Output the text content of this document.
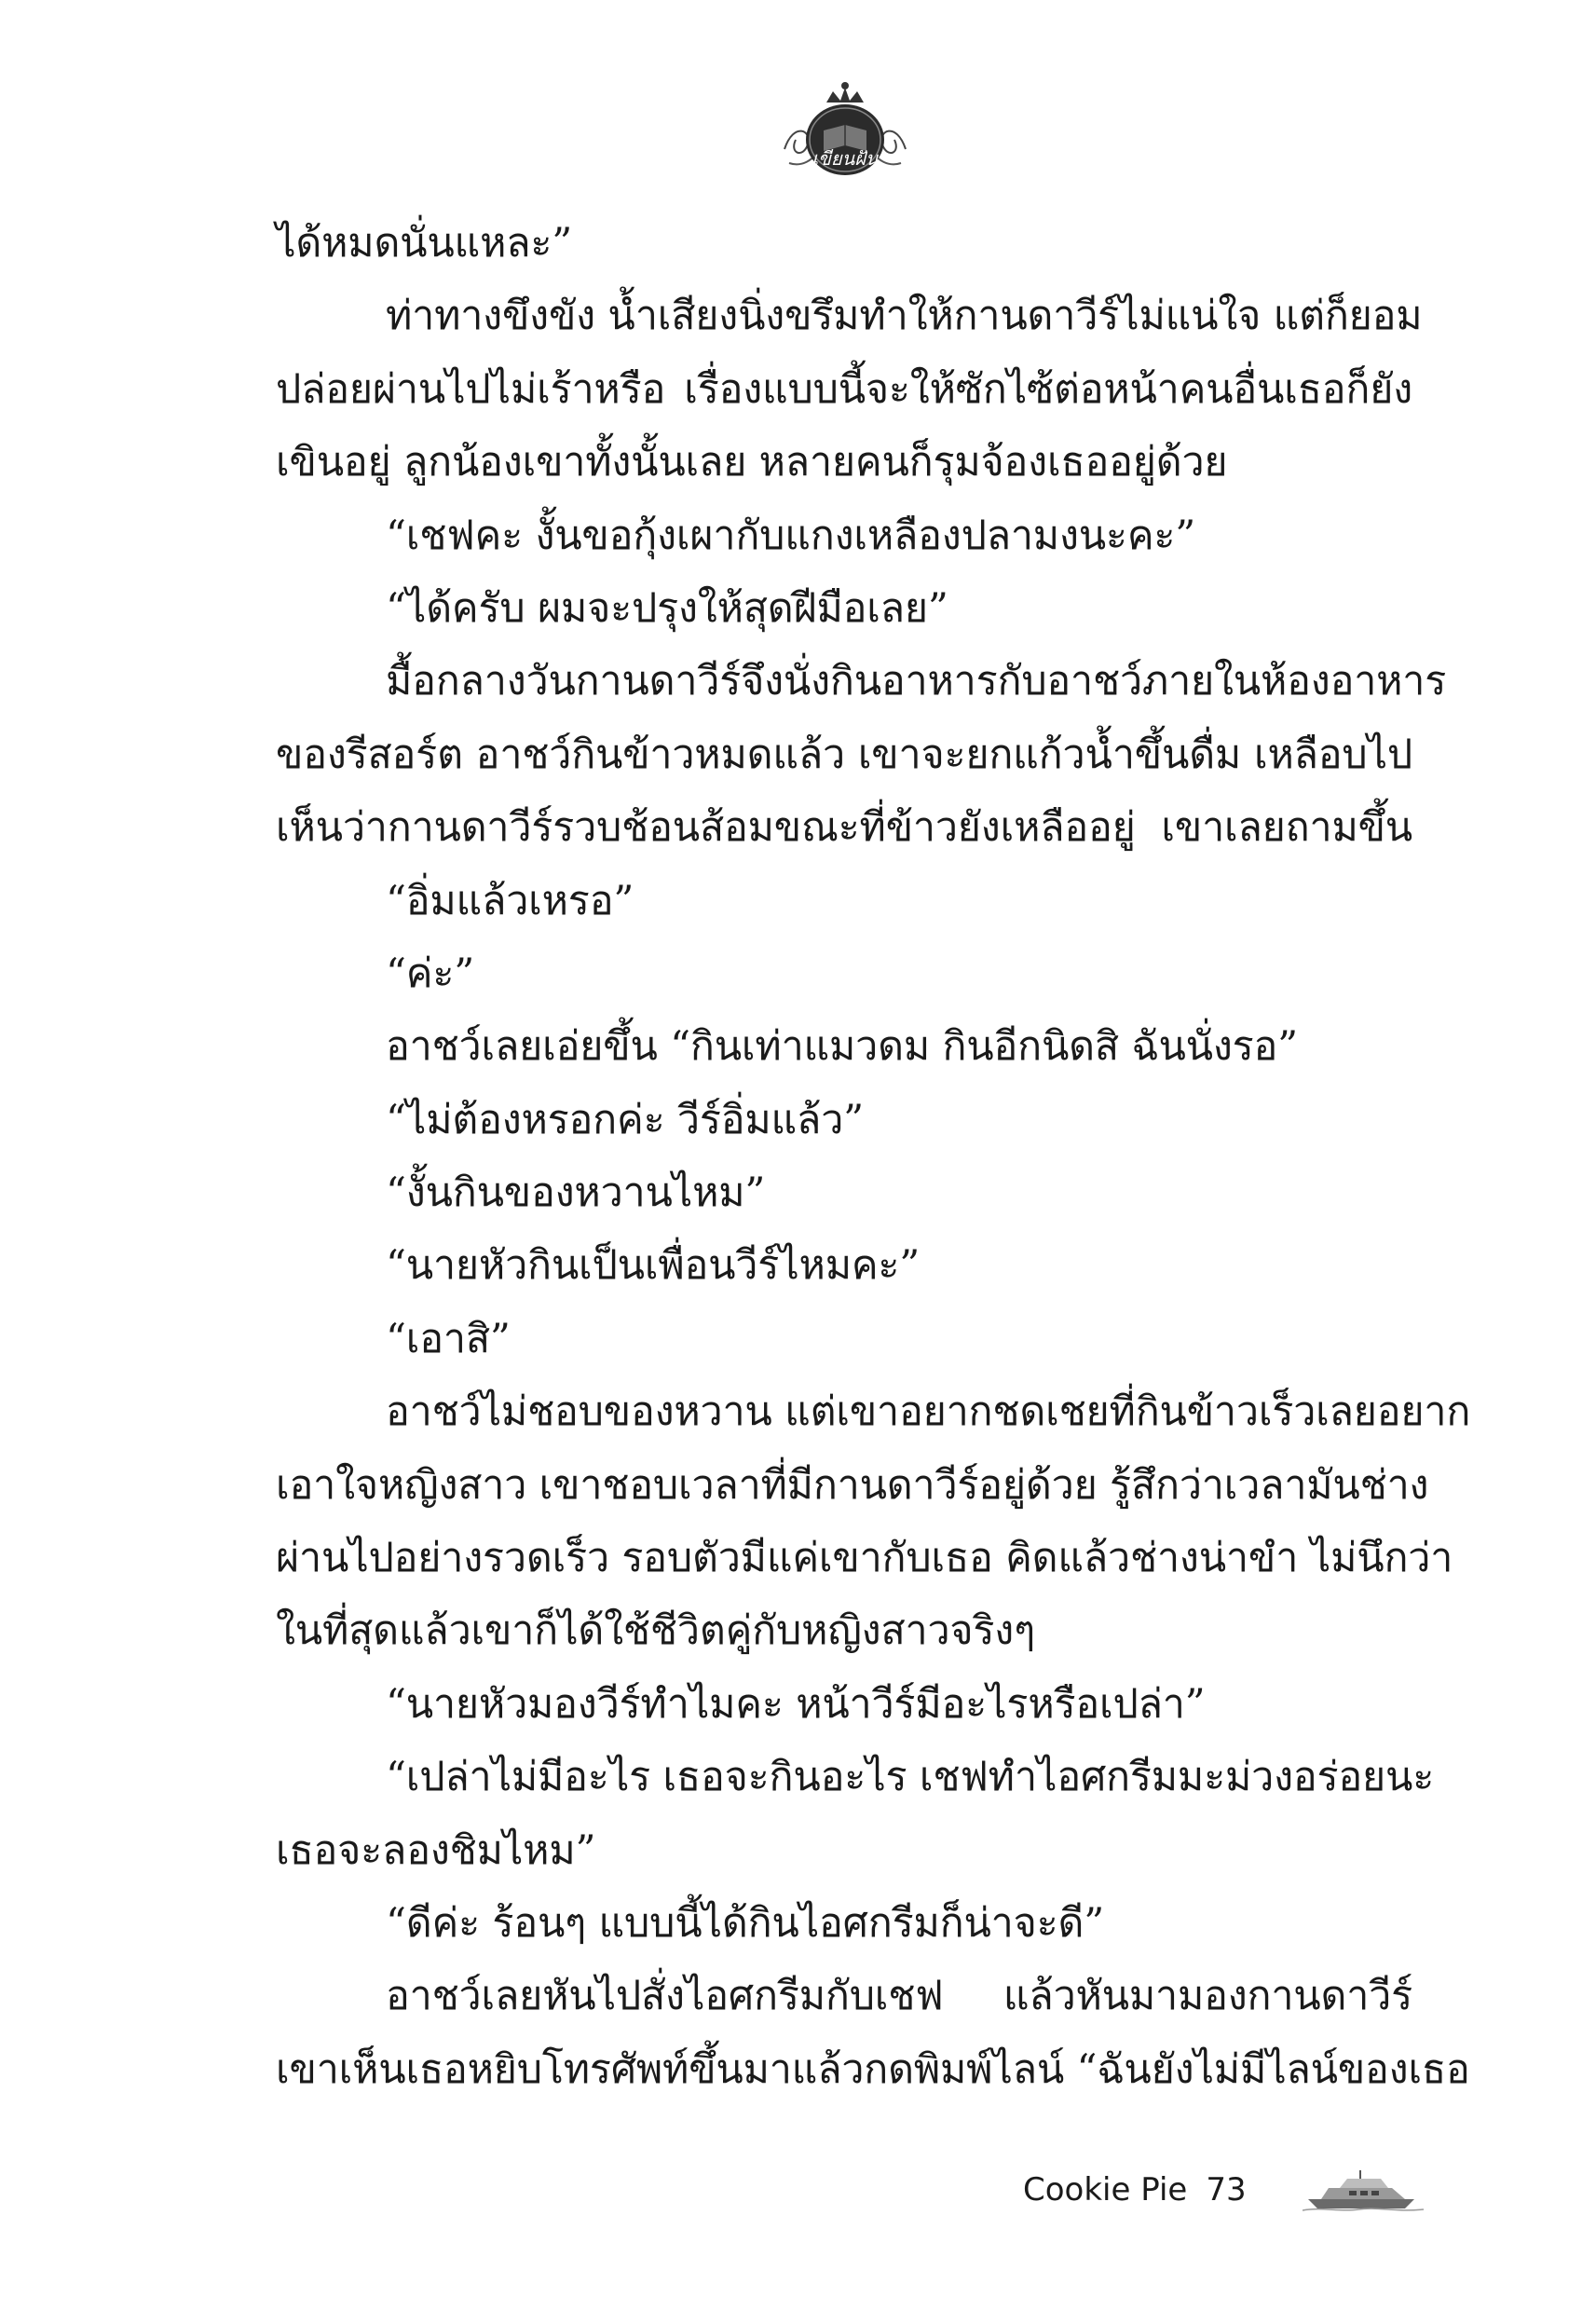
เขียนฝัน
ได้หมดนั่นแหละ”
ท่าทางขึงขัง น้ำเสียงนิ่งขรึมทำให้กานดาวีร์ไม่แน่ใจ แต่ก็ยอม
ปล่อยผ่านไปไม่เร้าหรือ เรื่องแบบนี้จะให้ซักไซ้ต่อหน้าคนอื่นเธอก็ยัง
เขินอยู่ ลูกน้องเขาทั้งนั้นเลย หลายคนก็รุมจ้องเธออยู่ด้วย
“เชฟคะ งั้นขอกุ้งเผากับแกงเหลืองปลามงนะคะ”
“ได้ครับ ผมจะปรุงให้สุดฝีมือเลย”
มื้อกลางวันกานดาวีร์จึงนั่งกินอาหารกับอาชว์ภายในห้องอาหาร
ของรีสอร์ต อาชว์กินข้าวหมดแล้ว เขาจะยกแก้วน้ำขึ้นดื่ม เหลือบไป
เห็นว่ากานดาวีร์รวบช้อนส้อมขณะที่ข้าวยังเหลืออยู่ เขาเลยถามขึ้น
“อิ่มแล้วเหรอ”
“ค่ะ”
อาชว์เลยเอ่ยขึ้น “กินเท่าแมวดม กินอีกนิดสิ ฉันนั่งรอ”
“ไม่ต้องหรอกค่ะ วีร์อิ่มแล้ว”
“งั้นกินของหวานไหม”
“นายหัวกินเป็นเพื่อนวีร์ไหมคะ”
“เอาสิ”
อาชว์ไม่ชอบของหวาน แต่เขาอยากชดเชยที่กินข้าวเร็วเลยอยาก
เอาใจหญิงสาว เขาชอบเวลาที่มีกานดาวีร์อยู่ด้วย รู้สึกว่าเวลามันช่าง
ผ่านไปอย่างรวดเร็ว รอบตัวมีแค่เขากับเธอ คิดแล้วช่างน่าขำ ไม่นึกว่า
ในที่สุดแล้วเขาก็ได้ใช้ชีวิตคู่กับหญิงสาวจริงๆ
“นายหัวมองวีร์ทำไมคะ หน้าวีร์มีอะไรหรือเปล่า”
“เปล่าไม่มีอะไร เธอจะกินอะไร เชฟทำไอศกรีมมะม่วงอร่อยนะ
เธอจะลองชิมไหม”
“ดีค่ะ ร้อนๆ แบบนี้ได้กินไอศกรีมก็น่าจะดี”
อาชว์เลยหันไปสั่งไอศกรีมกับเชฟ แล้วหันมามองกานดาวีร์
เขาเห็นเธอหยิบโทรศัพท์ขึ้นมาแล้วกดพิมพ์ไลน์ “ฉันยังไม่มีไลน์ของเธอ
Cookie Pie 73
